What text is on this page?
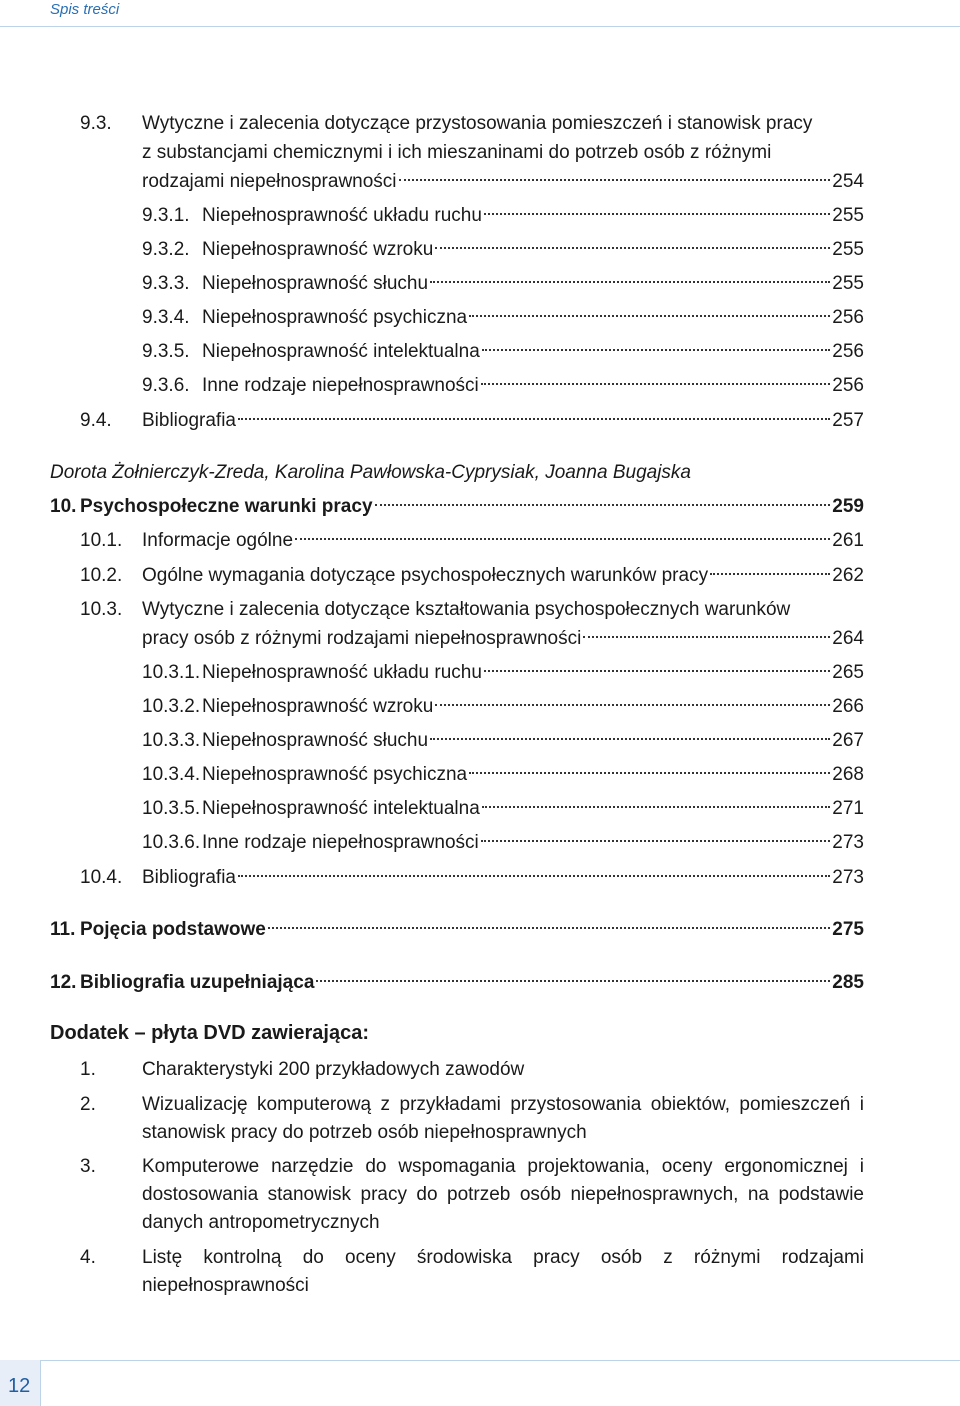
Spis treści
9.3. Wytyczne i zalecenia dotyczące przystosowania pomieszczeń i stanowisk pracy
z substancjami chemicznymi i ich mieszaninami do potrzeb osób z różnymi
rodzajami niepełnosprawności	254
9.3.1. Niepełnosprawność układu ruchu	255
9.3.2. Niepełnosprawność wzroku	255
9.3.3. Niepełnosprawność słuchu	255
9.3.4. Niepełnosprawność psychiczna	256
9.3.5. Niepełnosprawność intelektualna	256
9.3.6. Inne rodzaje niepełnosprawności	256
9.4.	Bibliografia	257
Dorota Żołnierczyk-Zreda, Karolina Pawłowska-Cyprysiak, Joanna Bugajska
10. Psychospołeczne warunki pracy	259
10.1.	Informacje ogólne	261
10.2.	Ogólne wymagania dotyczące psychospołecznych warunków pracy	262
10.3. Wytyczne i zalecenia dotyczące kształtowania psychospołecznych warunków
pracy osób z różnymi rodzajami niepełnosprawności	264
10.3.1. Niepełnosprawność układu ruchu	265
10.3.2. Niepełnosprawność wzroku	266
10.3.3. Niepełnosprawność słuchu	267
10.3.4. Niepełnosprawność psychiczna	268
10.3.5. Niepełnosprawność intelektualna	271
10.3.6. Inne rodzaje niepełnosprawności	273
10.4.	Bibliografia	273
11. Pojęcia podstawowe	275
12. Bibliografia uzupełniająca	285
Dodatek – płyta DVD zawierająca:
1. Charakterystyki 200 przykładowych zawodów
2. Wizualizację komputerową z przykładami przystosowania obiektów, pomieszczeń i stanowisk pracy do potrzeb osób niepełnosprawnych
3. Komputerowe narzędzie do wspomagania projektowania, oceny ergonomicznej i dostosowania stanowisk pracy do potrzeb osób niepełnosprawnych, na podstawie danych antropometrycznych
4. Listę kontrolną do oceny środowiska pracy osób z różnymi rodzajami niepełnosprawności
12
